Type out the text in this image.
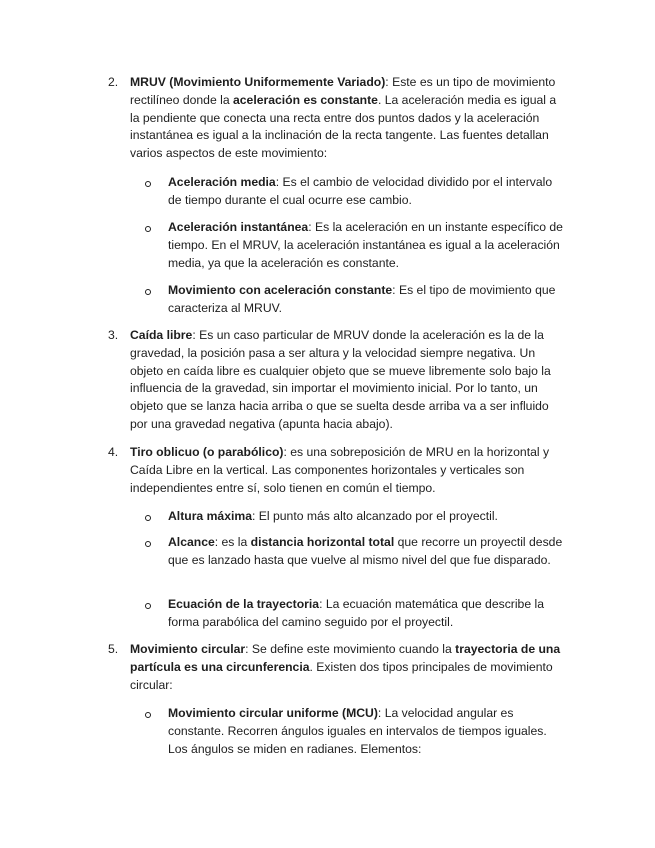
2. MRUV (Movimiento Uniformemente Variado): Este es un tipo de movimiento rectilíneo donde la aceleración es constante. La aceleración media es igual a la pendiente que conecta una recta entre dos puntos dados y la aceleración instantánea es igual a la inclinación de la recta tangente. Las fuentes detallan varios aspectos de este movimiento:
Aceleración media: Es el cambio de velocidad dividido por el intervalo de tiempo durante el cual ocurre ese cambio.
Aceleración instantánea: Es la aceleración en un instante específico de tiempo. En el MRUV, la aceleración instantánea es igual a la aceleración media, ya que la aceleración es constante.
Movimiento con aceleración constante: Es el tipo de movimiento que caracteriza al MRUV.
3. Caída libre: Es un caso particular de MRUV donde la aceleración es la de la gravedad, la posición pasa a ser altura y la velocidad siempre negativa. Un objeto en caída libre es cualquier objeto que se mueve libremente solo bajo la influencia de la gravedad, sin importar el movimiento inicial. Por lo tanto, un objeto que se lanza hacia arriba o que se suelta desde arriba va a ser influido por una gravedad negativa (apunta hacia abajo).
4. Tiro oblicuo (o parabólico): es una sobreposición de MRU en la horizontal y Caída Libre en la vertical. Las componentes horizontales y verticales son independientes entre sí, solo tienen en común el tiempo.
Altura máxima: El punto más alto alcanzado por el proyectil.
Alcance: es la distancia horizontal total que recorre un proyectil desde que es lanzado hasta que vuelve al mismo nivel del que fue disparado.
Ecuación de la trayectoria: La ecuación matemática que describe la forma parabólica del camino seguido por el proyectil.
5. Movimiento circular: Se define este movimiento cuando la trayectoria de una partícula es una circunferencia. Existen dos tipos principales de movimiento circular:
Movimiento circular uniforme (MCU): La velocidad angular es constante. Recorren ángulos iguales en intervalos de tiempos iguales. Los ángulos se miden en radianes. Elementos:
